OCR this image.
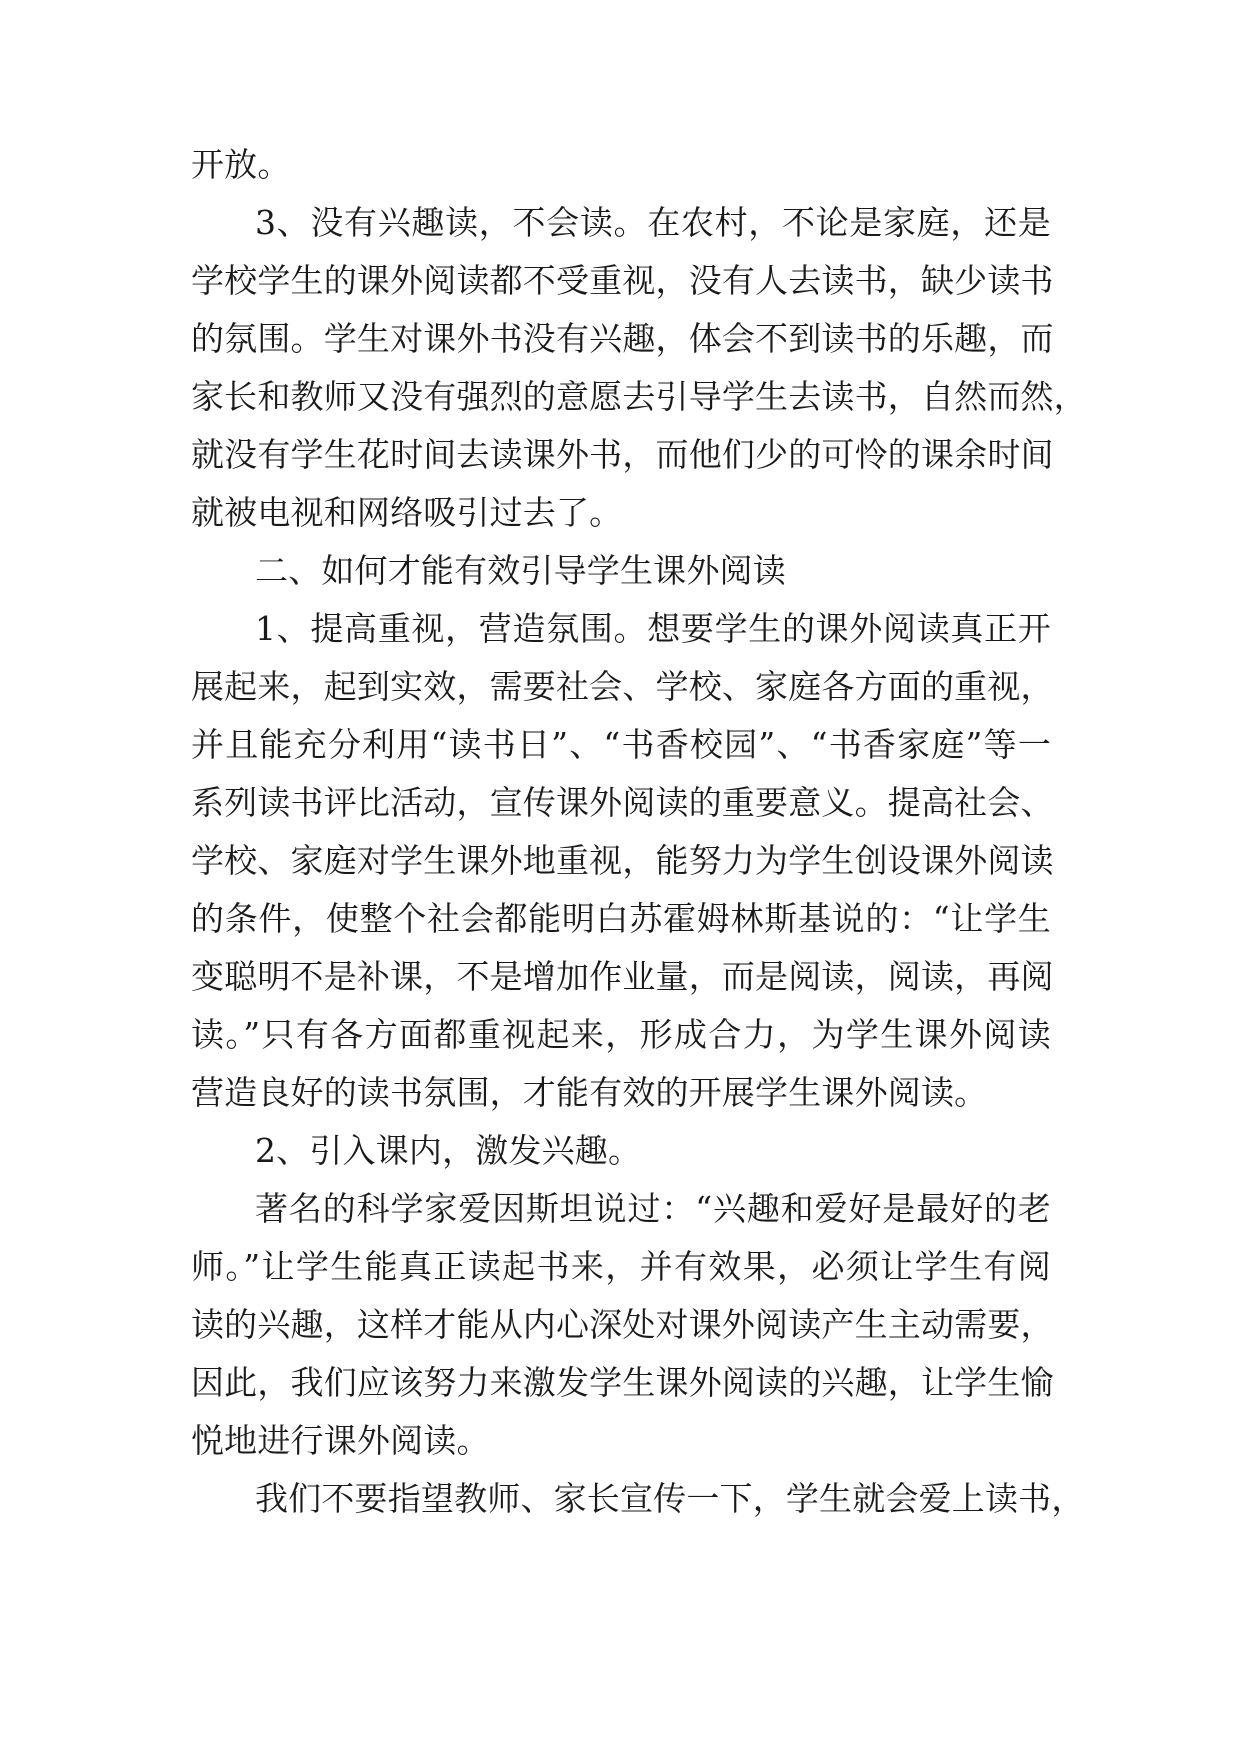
开放。
3、没有兴趣读，不会读。在农村，不论是家庭，还是
学校学生的课外阅读都不受重视，没有人去读书，缺少读书
的氛围。学生对课外书没有兴趣，体会不到读书的乐趣，而
家长和教师又没有强烈的意愿去引导学生去读书，自然而然，
就没有学生花时间去读课外书，而他们少的可怜的课余时间
就被电视和网络吸引过去了。
二、如何才能有效引导学生课外阅读
1、提高重视，营造氛围。想要学生的课外阅读真正开
展起来，起到实效，需要社会、学校、家庭各方面的重视，
并且能充分利用“读书日”、“书香校园”、“书香家庭”等一
系列读书评比活动，宣传课外阅读的重要意义。提高社会、
学校、家庭对学生课外地重视，能努力为学生创设课外阅读
的条件，使整个社会都能明白苏霍姆林斯基说的：“让学生
变聪明不是补课，不是增加作业量，而是阅读，阅读，再阅
读。”只有各方面都重视起来，形成合力，为学生课外阅读
营造良好的读书氛围，才能有效的开展学生课外阅读。
2、引入课内，激发兴趣。
著名的科学家爱因斯坦说过：“兴趣和爱好是最好的老
师。”让学生能真正读起书来，并有效果，必须让学生有阅
读的兴趣，这样才能从内心深处对课外阅读产生主动需要，
因此，我们应该努力来激发学生课外阅读的兴趣，让学生愉
悦地进行课外阅读。
我们不要指望教师、家长宣传一下，学生就会爱上读书，
